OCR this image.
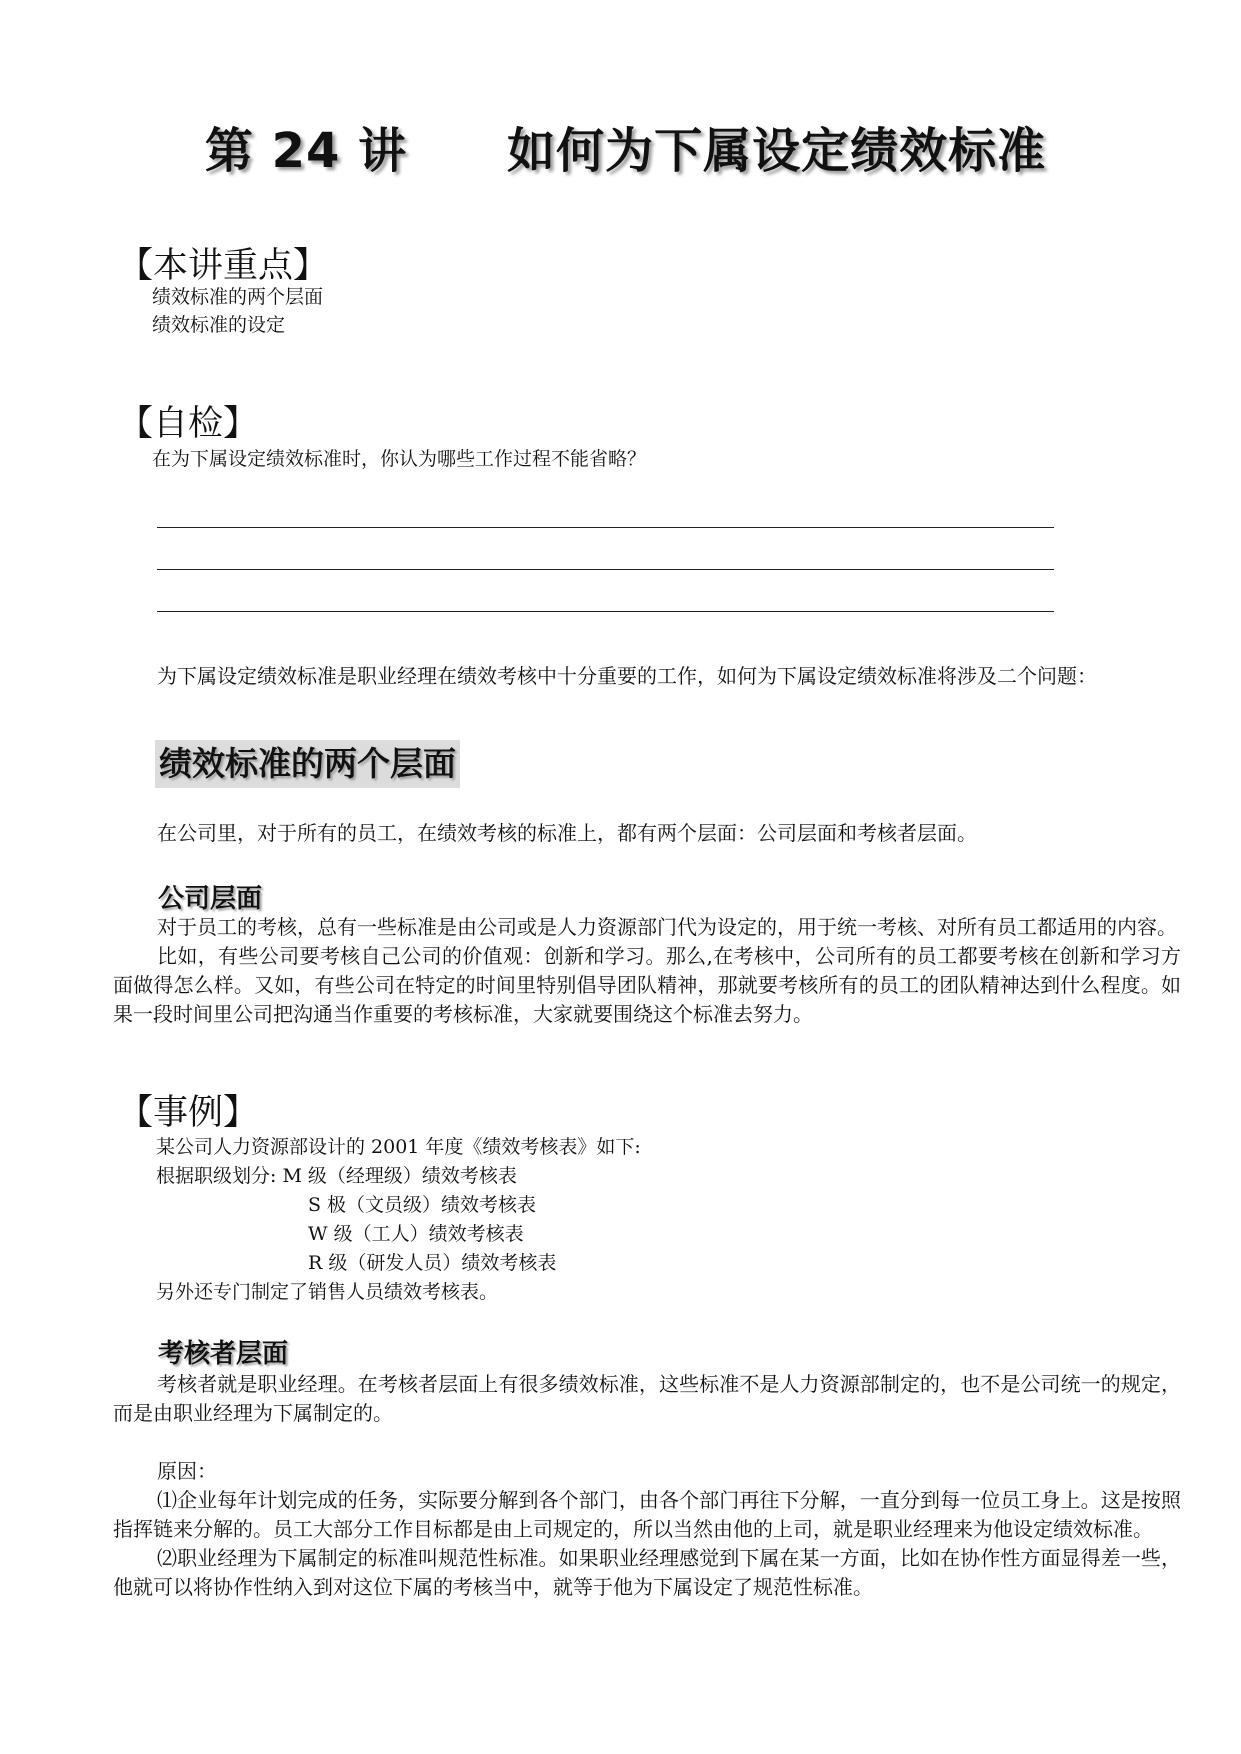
第 24 讲 如何为下属设定绩效标准
【本讲重点】
绩效标准的两个层面
绩效标准的设定
【自检】
在为下属设定绩效标准时，你认为哪些工作过程不能省略？
为下属设定绩效标准是职业经理在绩效考核中十分重要的工作，如何为下属设定绩效标准将涉及二个问题：
绩效标准的两个层面
在公司里，对于所有的员工，在绩效考核的标准上，都有两个层面：公司层面和考核者层面。
公司层面

对于员工的考核，总有一些标准是由公司或是人力资源部门代为设定的，用于统一考核、对所有员工都适用的内容。

比如，有些公司要考核自己公司的价值观：创新和学习。那么,在考核中，公司所有的员工都要考核在创新和学习方面做得怎么样。又如，有些公司在特定的时间里特别倡导团队精神，那就要考核所有的员工的团队精神达到什么程度。如果一段时间里公司把沟通当作重要的考核标准，大家就要围绕这个标准去努力。

【事例】
某公司人力资源部设计的 2001 年度《绩效考核表》如下:
根据职级划分: M 级（经理级）绩效考核表
S 极（文员级）绩效考核表
W 级（工人）绩效考核表
R 级（研发人员）绩效考核表
另外还专门制定了销售人员绩效考核表。
考核者层面

考核者就是职业经理。在考核者层面上有很多绩效标准，这些标准不是人力资源部制定的，也不是公司统一的规定，而是由职业经理为下属制定的。

原因：

⑴企业每年计划完成的任务，实际要分解到各个部门，由各个部门再往下分解，一直分到每一位员工身上。这是按照指挥链来分解的。员工大部分工作目标都是由上司规定的，所以当然由他的上司，就是职业经理来为他设定绩效标准。

⑵职业经理为下属制定的标准叫规范性标准。如果职业经理感觉到下属在某一方面，比如在协作性方面显得差一些，他就可以将协作性纳入到对这位下属的考核当中，就等于他为下属设定了规范性标准。
